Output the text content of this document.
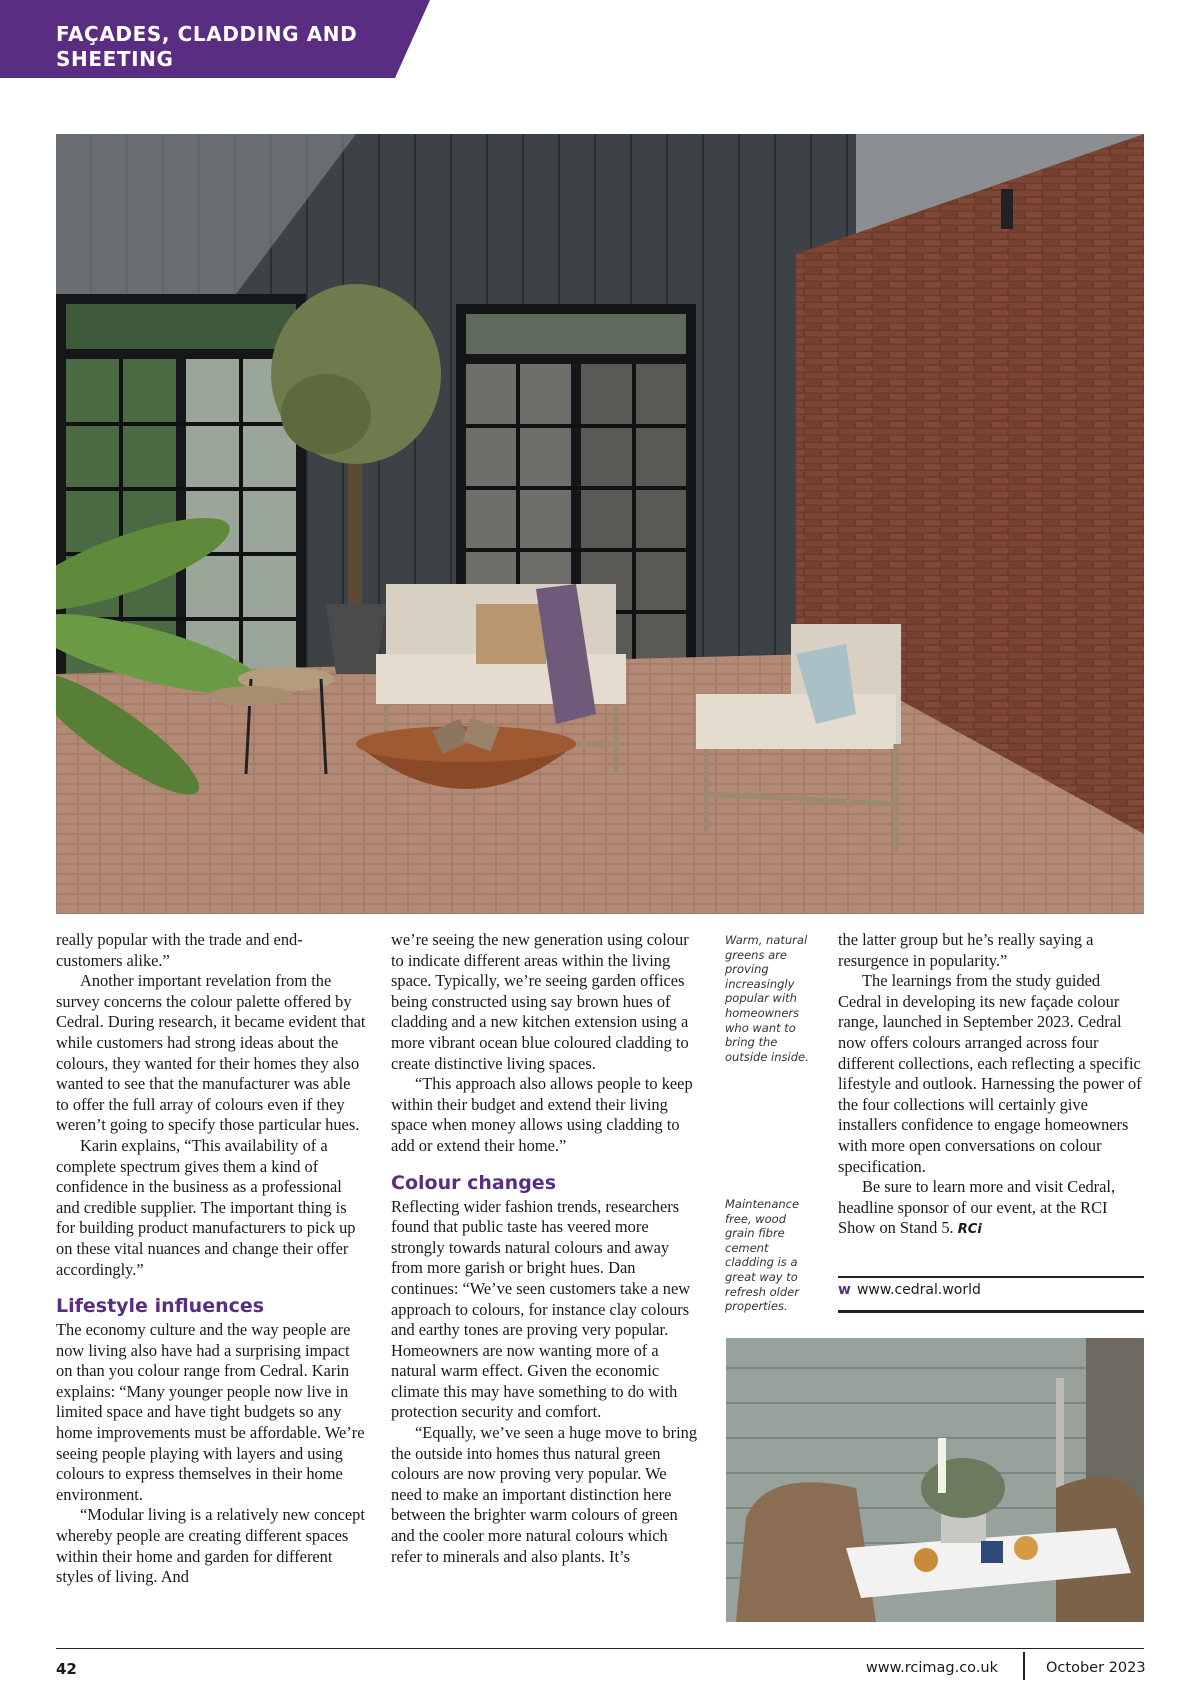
FAÇADES, CLADDING AND SHEETING

really popular with the trade and end-customers alike.”

Another important revelation from the survey concerns the colour palette offered by Cedral. During research, it became evident that while customers had strong ideas about the colours, they wanted for their homes they also wanted to see that the manufacturer was able to offer the full array of colours even if they weren’t going to specify those particular hues.

Karin explains, “This availability of a complete spectrum gives them a kind of confidence in the business as a professional and credible supplier. The important thing is for building product manufacturers to pick up on these vital nuances and change their offer accordingly.”

Lifestyle influences

The economy culture and the way people are now living also have had a surprising impact on than you colour range from Cedral. Karin explains: “Many younger people now live in limited space and have tight budgets so any home improvements must be affordable. We’re seeing people playing with layers and using colours to express themselves in their home environment.

“Modular living is a relatively new concept whereby people are creating different spaces within their home and garden for different styles of living. And

we’re seeing the new generation using colour to indicate different areas within the living space. Typically, we’re seeing garden offices being constructed using say brown hues of cladding and a new kitchen extension using a more vibrant ocean blue coloured cladding to create distinctive living spaces.

“This approach also allows people to keep within their budget and extend their living space when money allows using cladding to add or extend their home.”

Colour changes

Reflecting wider fashion trends, researchers found that public taste has veered more strongly towards natural colours and away from more garish or bright hues. Dan continues: “We’ve seen customers take a new approach to colours, for instance clay colours and earthy tones are proving very popular. Homeowners are now wanting more of a natural warm effect. Given the economic climate this may have something to do with protection security and comfort.

“Equally, we’ve seen a huge move to bring the outside into homes thus natural green colours are now proving very popular. We need to make an important distinction here between the brighter warm colours of green and the cooler more natural colours which refer to minerals and also plants. It’s

Warm, natural greens are proving increasingly popular with homeowners who want to bring the outside inside.
Maintenance free, wood grain fibre cement cladding is a great way to refresh older properties.

the latter group but he’s really saying a resurgence in popularity.”

The learnings from the study guided Cedral in developing its new façade colour range, launched in September 2023. Cedral now offers colours arranged across four different collections, each reflecting a specific lifestyle and outlook. Harnessing the power of the four collections will certainly give installers confidence to engage homeowners with more open conversations on colour specification.

Be sure to learn more and visit Cedral, headline sponsor of our event, at the RCI Show on Stand 5. RCi

w www.cedral.world
42	www.rcimag.co.uk	October 2023
